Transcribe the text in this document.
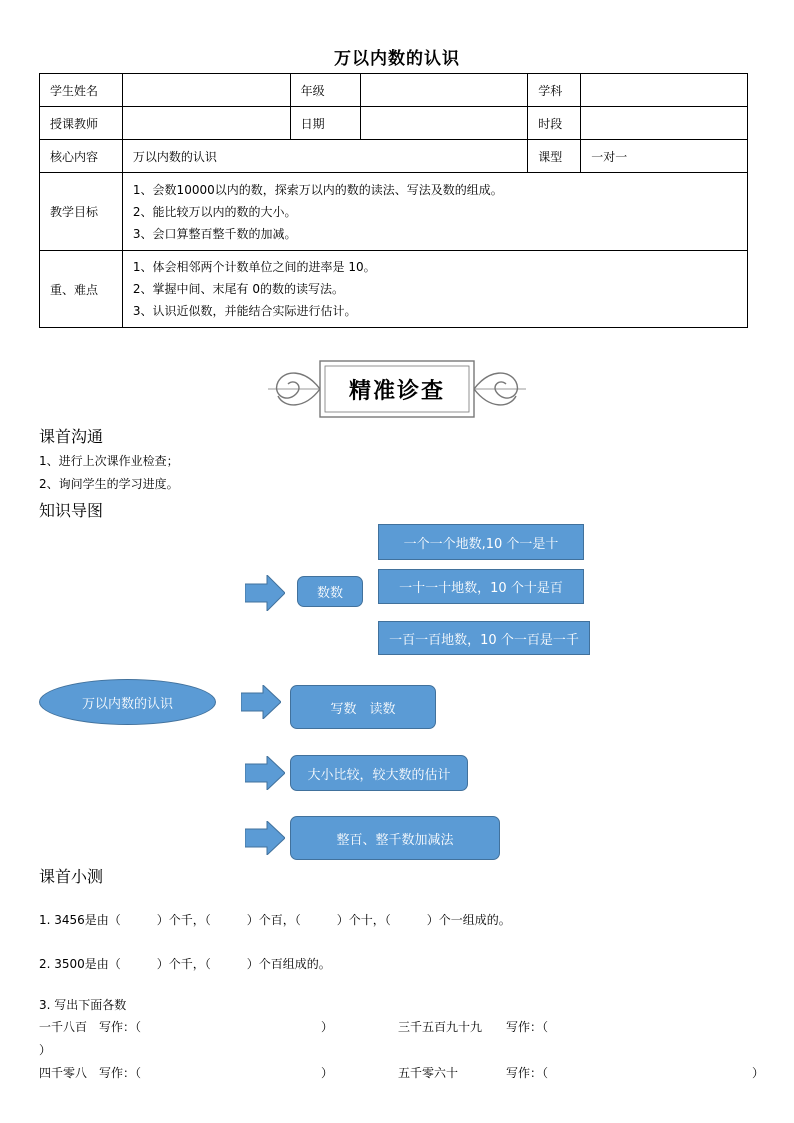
万以内数的认识
学生姓名		年级		学科	
授课教师		日期		时段	
核心内容	万以内数的认识			课型	一对一
教学目标	1、会数10000以内的数，探索万以内的数的读法、写法及数的组成。
2、能比较万以内的数的大小。
3、会口算整百整千数的加减。				

重、难点	1、体会相邻两个计数单位之间的进率是 10。
2、掌握中间、末尾有 0的数的读写法。
3、认识近似数，并能结合实际进行估计。				
精准诊查
课首沟通
1、进行上次课作业检查；
2、询问学生的学习进度。
知识导图
一个一个地数,10 个一是十
一十一十地数，10 个十是百
一百一百地数，10 个一百是一千
数数
万以内数的认识	写数　读数
大小比较，较大数的估计
整百、整千数加减法
课首小测
1. 3456是由（　　　）个千，（　　　）个百，（　　　）个十，（　　　）个一组成的。
2. 3500是由（　　　）个千，（　　　）个百组成的。
3. 写出下面各数
一千八百　写作：（　　　　　　　　　　　　　　　）	三千五百九十九　　写作：（
）
四千零八　写作：（　　　　　　　　　　　　　　　）	五千零六十　　　　写作：（　　　　　　　　　　　　　　　　　）
